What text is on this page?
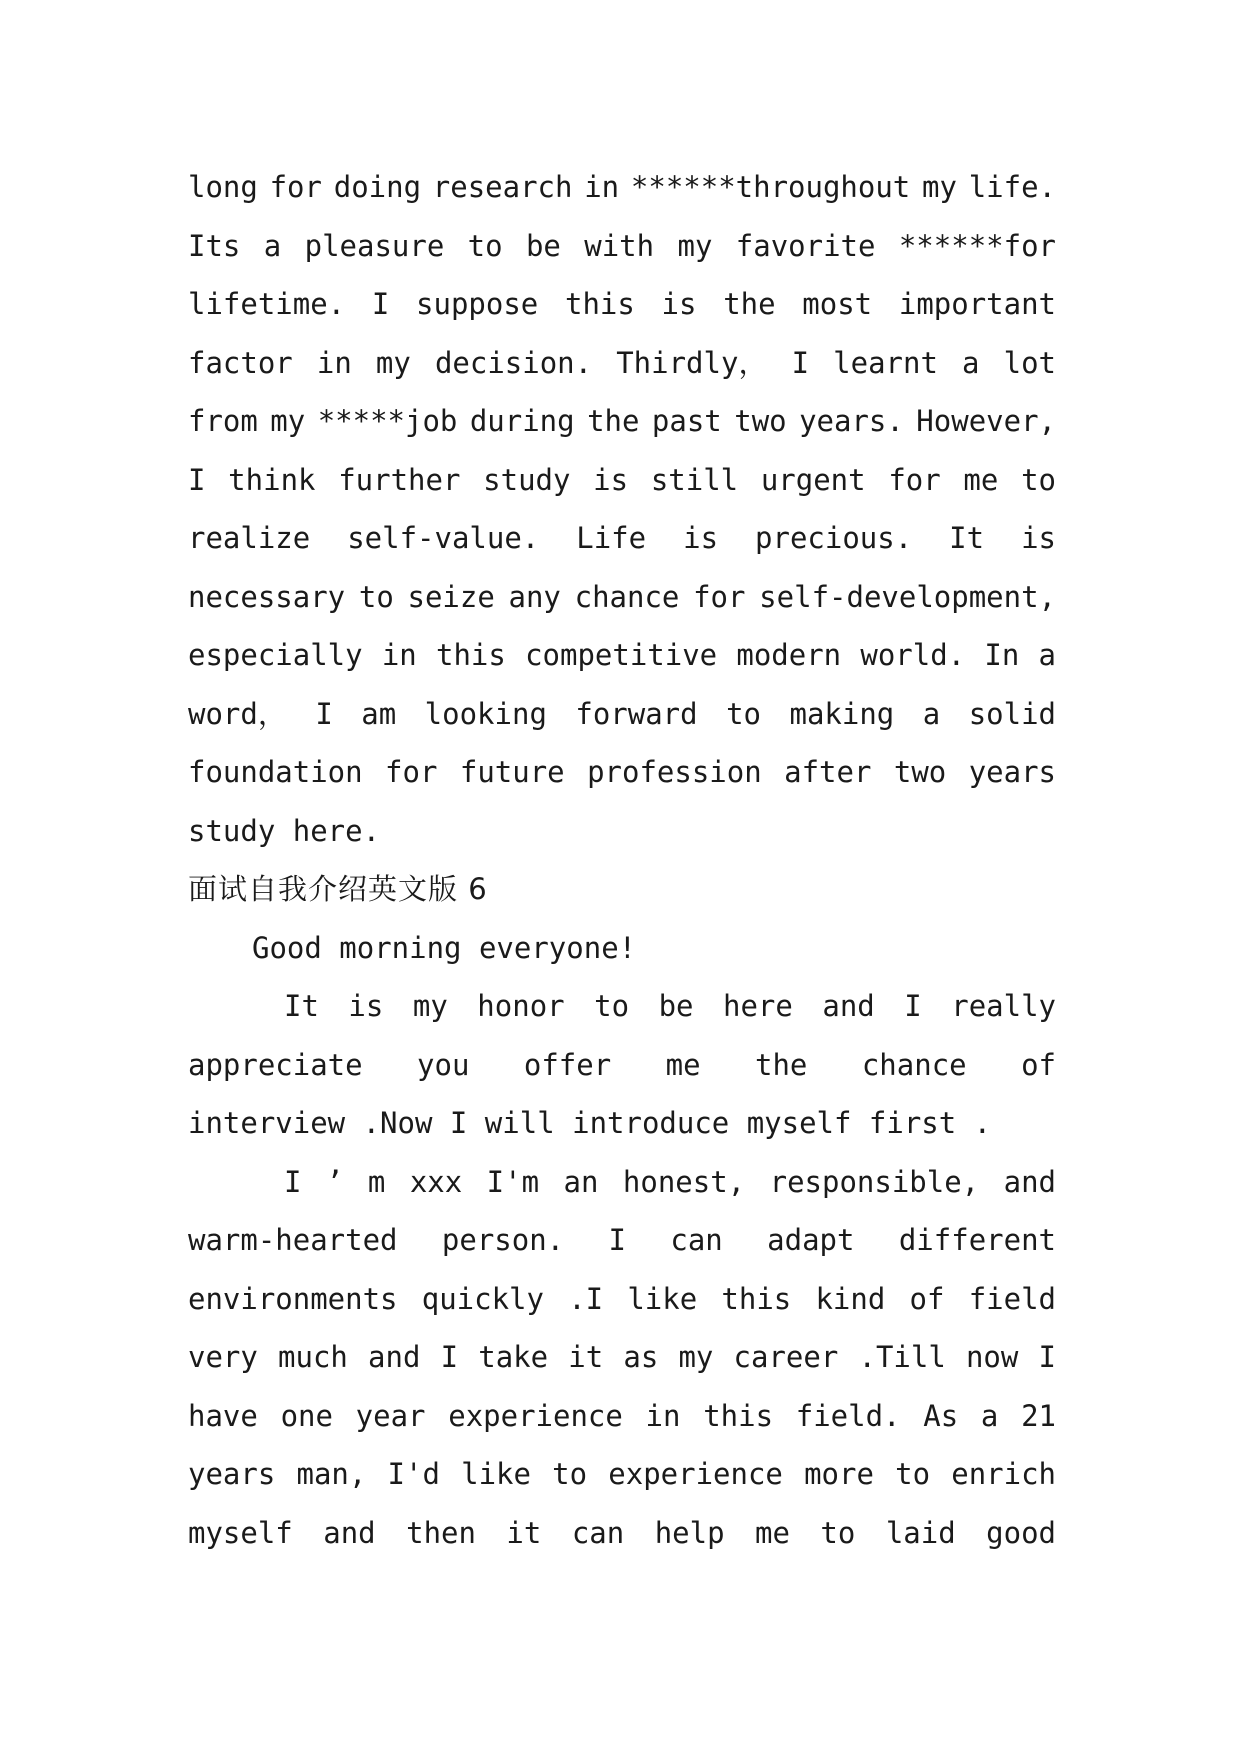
long for doing research in ******throughout my life.
Its a pleasure to be with my favorite ******for
lifetime. I suppose this is the most important
factor in my decision. Thirdly， I learnt a lot
from my *****job during the past two years. However,
I think further study is still urgent for me to
realize self-value. Life is precious. It is
necessary to seize any chance for self-development,
especially in this competitive modern world. In a
word， I am looking forward to making a solid
foundation for future profession after two years
study here.
面试自我介绍英文版 6
Good morning everyone!
It is my honor to be here and I really
appreciate you offer me the chance of
interview .Now I will introduce myself first .
I ’ m xxx I'm an honest, responsible, and
warm-hearted person. I can adapt different
environments quickly .I like this kind of field
very much and I take it as my career .Till now I
have one year experience in this field. As a 21
years man, I'd like to experience more to enrich
myself and then it can help me to laid good
